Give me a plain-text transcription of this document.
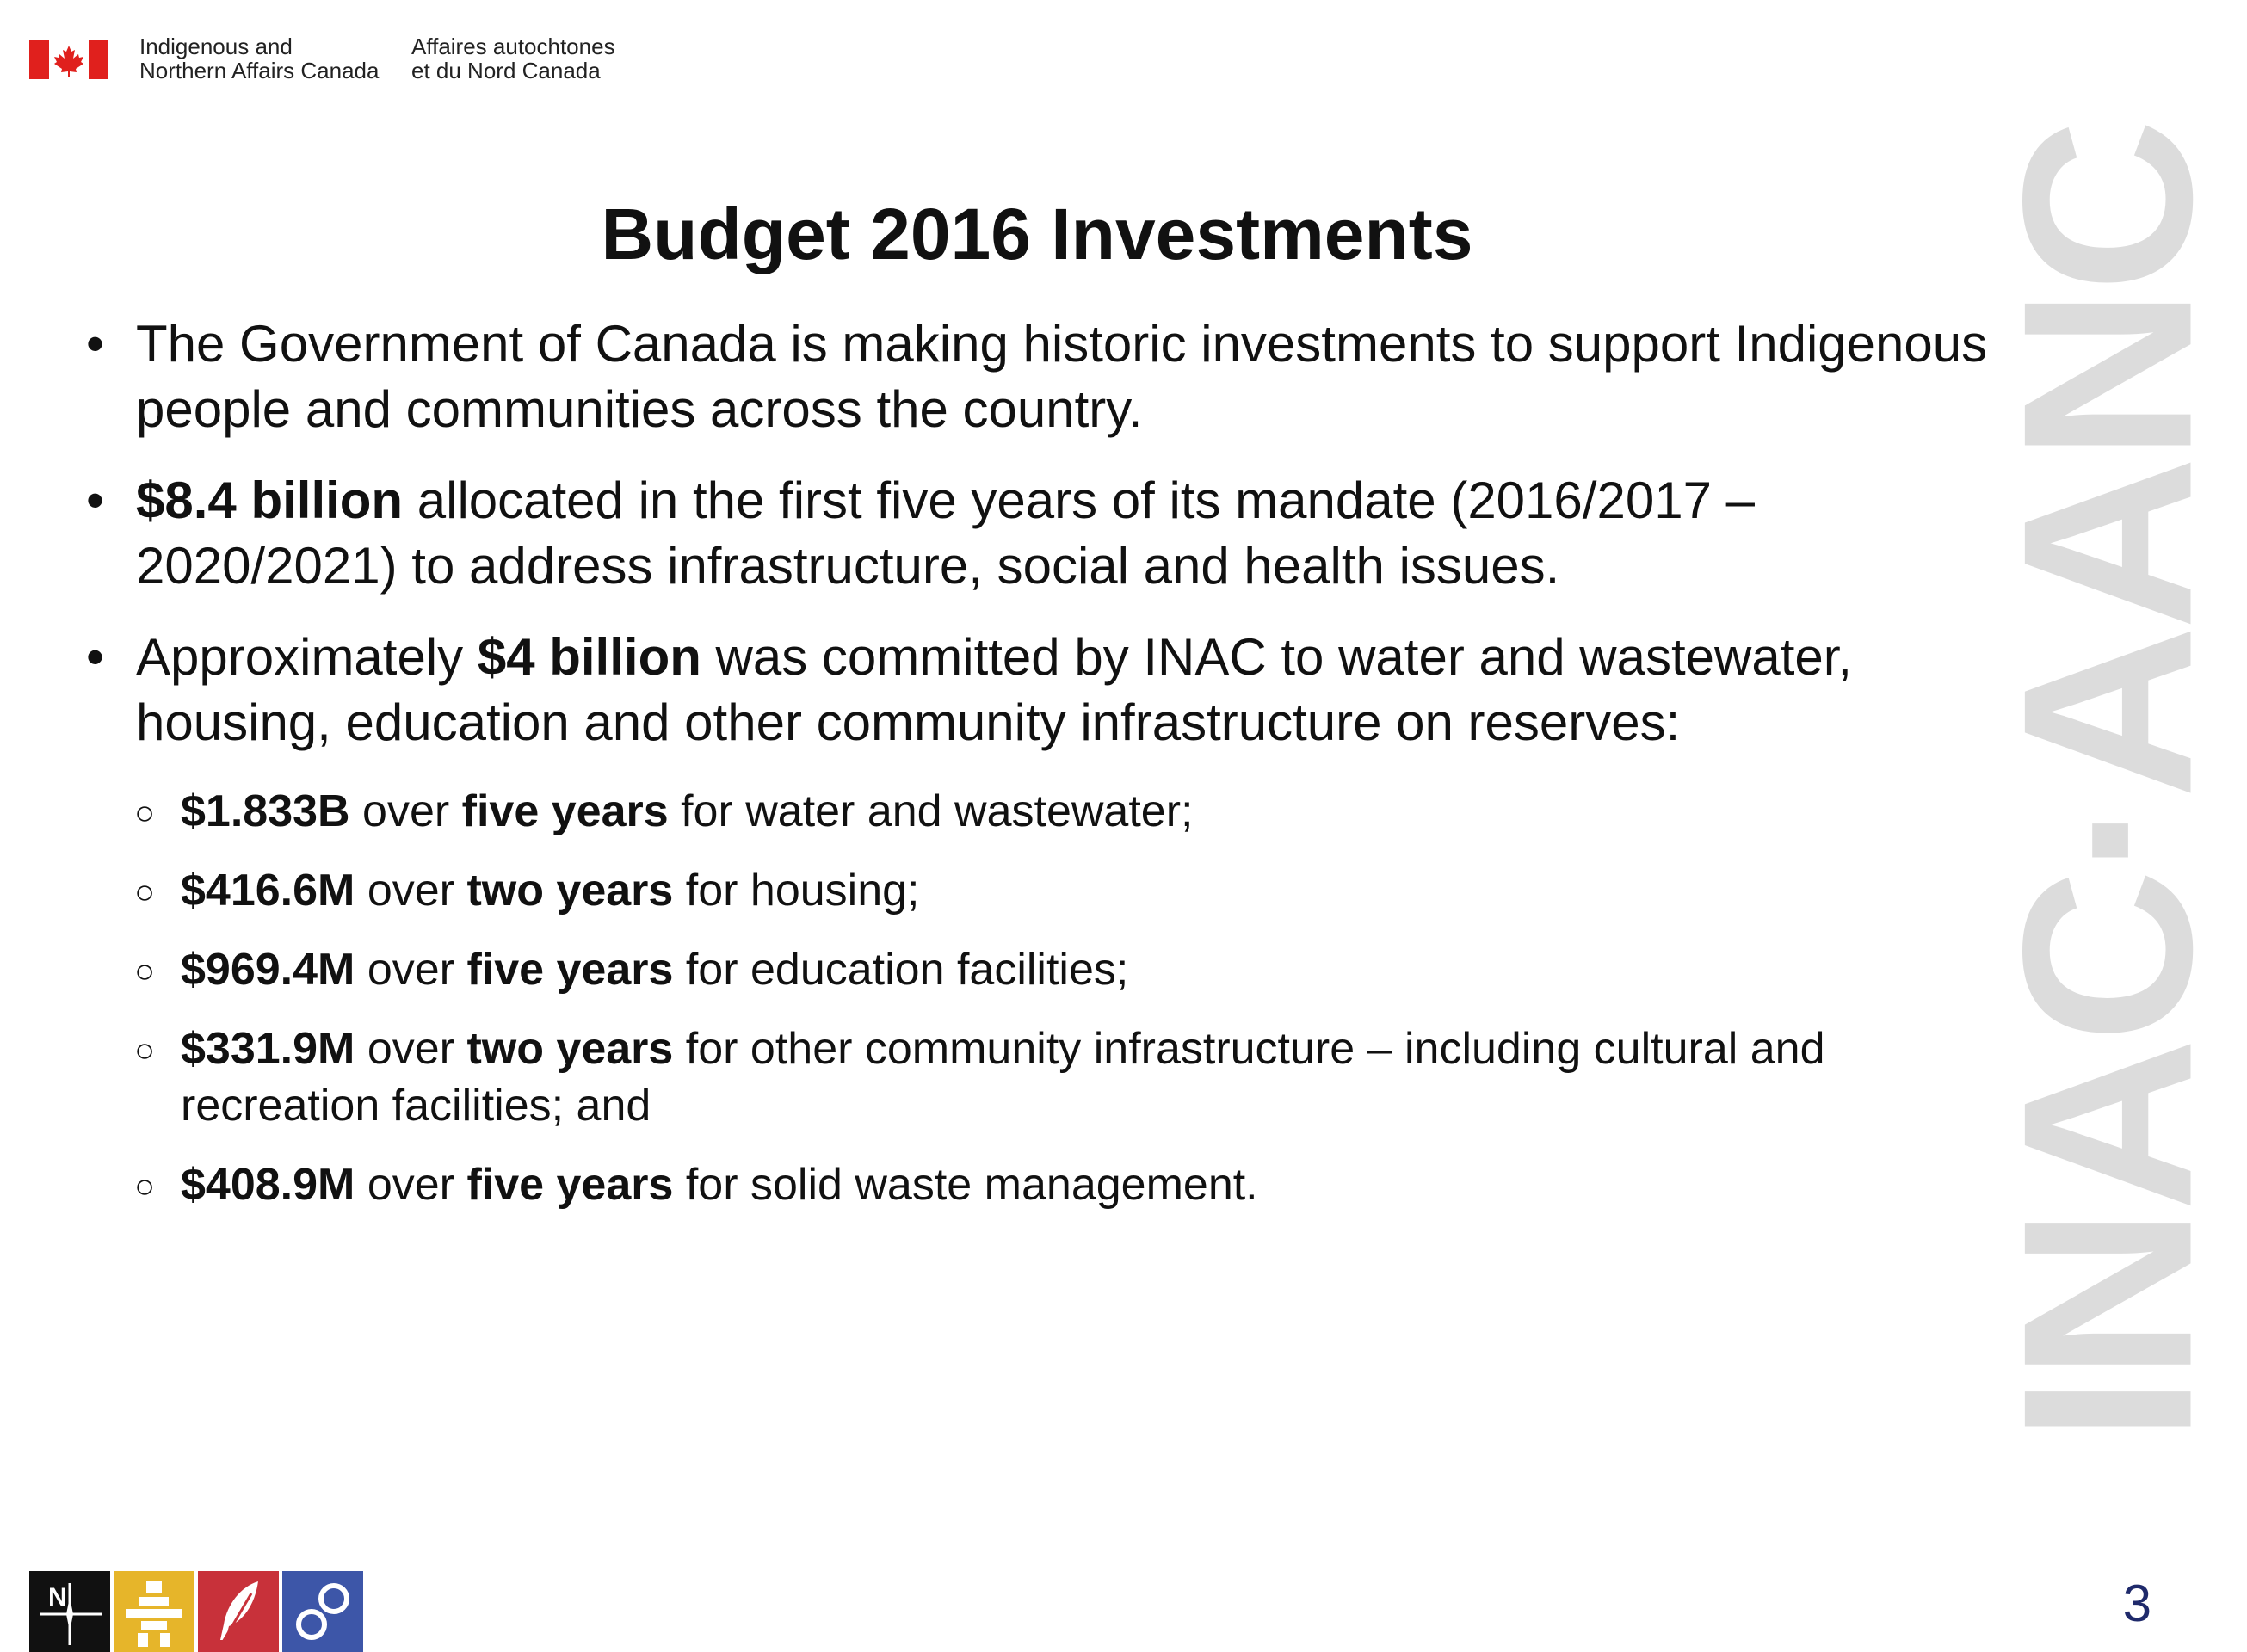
Indigenous and
Northern Affairs Canada
Affaires autochtones
et du Nord Canada
Budget 2016 Investments
• The Government of Canada is making historic investments to support Indigenous people and communities across the country.
• $8.4 billion allocated in the first five years of its mandate (2016/2017 – 2020/2021) to address infrastructure, social and health issues.
• Approximately $4 billion was committed by INAC to water and wastewater, housing, education and other community infrastructure on reserves:
○ $1.833B over five years for water and wastewater;
○ $416.6M over two years for housing;
○ $969.4M over five years for education facilities;
○ $331.9M over two years for other community infrastructure – including cultural and recreation facilities; and
○ $408.9M over five years for solid waste management.	INAC·AANC
N	3
